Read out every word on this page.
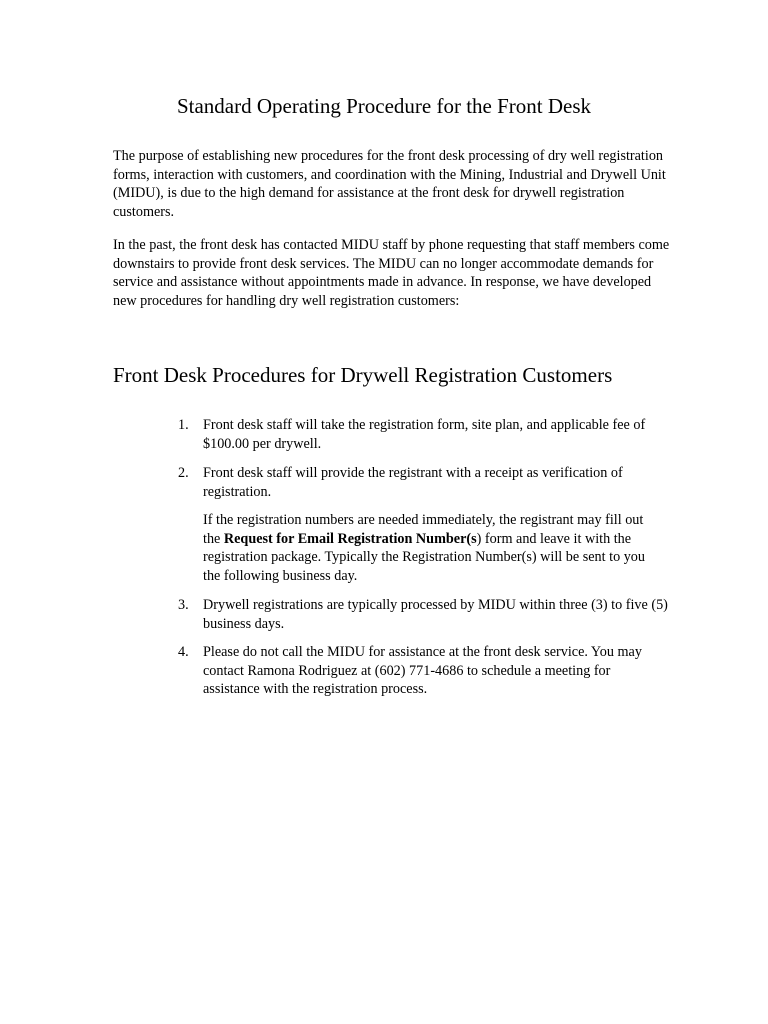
Standard Operating Procedure for the Front Desk

The purpose of establishing new procedures for the front desk processing of dry well registration forms, interaction with customers, and coordination with the Mining, Industrial and Drywell Unit (MIDU), is due to the high demand for assistance at the front desk for drywell registration customers.

In the past, the front desk has contacted MIDU staff by phone requesting that staff members come downstairs to provide front desk services. The MIDU can no longer accommodate demands for service and assistance without appointments made in advance. In response, we have developed new procedures for handling dry well registration customers:

Front Desk Procedures for Drywell Registration Customers
1.	Front desk staff will take the registration form, site plan, and applicable fee of $100.00 per drywell.
2.	Front desk staff will provide the registrant with a receipt as verification of registration.

If the registration numbers are needed immediately, the registrant may fill out the Request for Email Registration Number(s) form and leave it with the registration package. Typically the Registration Number(s) will be sent to you the following business day.

3.	Drywell registrations are typically processed by MIDU within three (3) to five (5) business days.
4.	Please do not call the MIDU for assistance at the front desk service. You may contact Ramona Rodriguez at (602) 771-4686 to schedule a meeting for assistance with the registration process.
